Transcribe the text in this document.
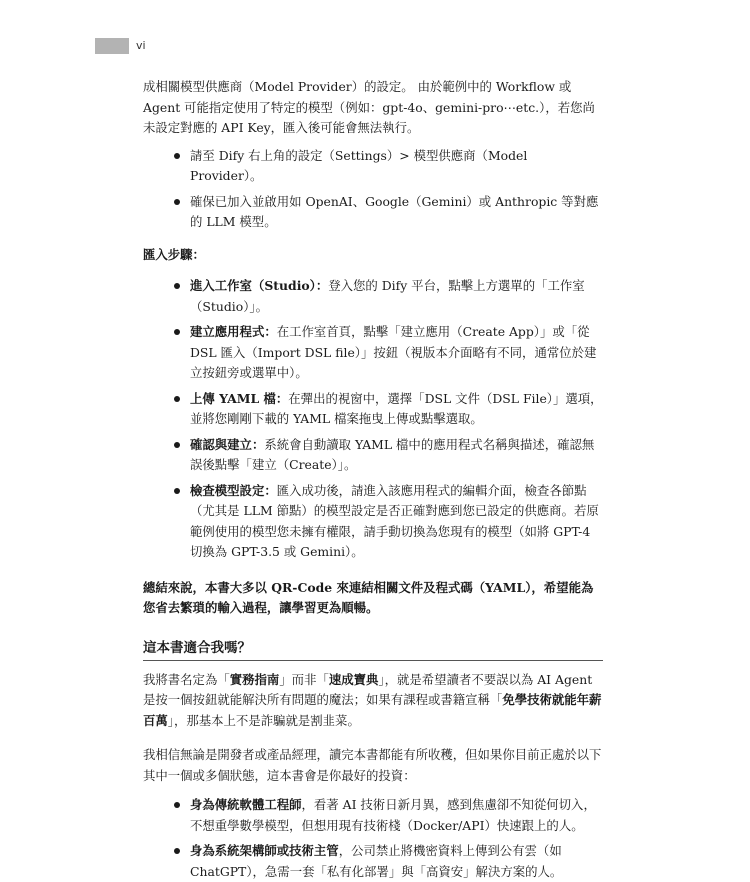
vi

成相關模型供應商（Model Provider）的設定。 由於範例中的 Workflow 或 Agent 可能指定使用了特定的模型（例如：gpt-4o、gemini-pro⋯etc.），若您尚未設定對應的 API Key，匯入後可能會無法執行。

請至 Dify 右上角的設定（Settings）> 模型供應商（Model Provider）。
確保已加入並啟用如 OpenAI、Google（Gemini）或 Anthropic 等對應的 LLM 模型。

匯入步驟：

進入工作室（Studio）：登入您的 Dify 平台，點擊上方選單的「工作室（Studio）」。
建立應用程式：在工作室首頁，點擊「建立應用（Create App）」或「從 DSL 匯入（Import DSL file）」按鈕（視版本介面略有不同，通常位於建立按鈕旁或選單中）。
上傳 YAML 檔：在彈出的視窗中，選擇「DSL 文件（DSL File）」選項，並將您剛剛下載的 YAML 檔案拖曳上傳或點擊選取。
確認與建立：系統會自動讀取 YAML 檔中的應用程式名稱與描述，確認無誤後點擊「建立（Create）」。
檢查模型設定：匯入成功後，請進入該應用程式的編輯介面，檢查各節點（尤其是 LLM 節點）的模型設定是否正確對應到您已設定的供應商。若原範例使用的模型您未擁有權限，請手動切換為您現有的模型（如將 GPT-4 切換為 GPT-3.5 或 Gemini）。

總結來說，本書大多以 QR-Code 來連結相關文件及程式碼（YAML），希望能為您省去繁瑣的輸入過程，讓學習更為順暢。

這本書適合我嗎？

我將書名定為「實務指南」而非「速成寶典」，就是希望讀者不要誤以為 AI Agent 是按一個按鈕就能解決所有問題的魔法；如果有課程或書籍宣稱「免學技術就能年薪百萬」，那基本上不是詐騙就是割韭菜。

我相信無論是開發者或產品經理，讀完本書都能有所收穫，但如果你目前正處於以下其中一個或多個狀態，這本書會是你最好的投資：

身為傳統軟體工程師，看著 AI 技術日新月異，感到焦慮卻不知從何切入，不想重學數學模型，但想用現有技術棧（Docker/API）快速跟上的人。
身為系統架構師或技術主管，公司禁止將機密資料上傳到公有雲（如 ChatGPT），急需一套「私有化部署」與「高資安」解決方案的人。
